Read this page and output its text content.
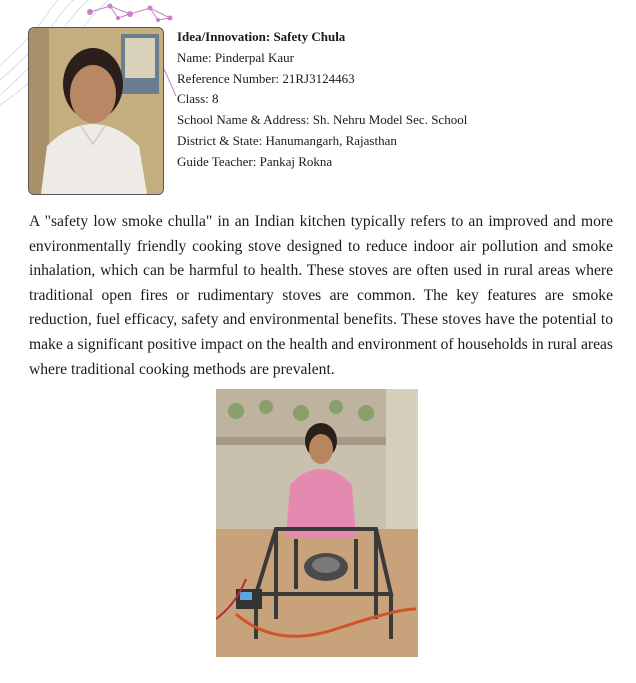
Idea/Innovation: Safety Chula
Name: Pinderpal Kaur
Reference Number: 21RJ3124463
Class: 8
School Name & Address: Sh. Nehru Model Sec. School
District & State: Hanumangarh, Rajasthan
Guide Teacher: Pankaj Rokna

A "safety low smoke chulla" in an Indian kitchen typically refers to an improved and more environmentally friendly cooking stove designed to reduce indoor air pollution and smoke inhalation, which can be harmful to health. These stoves are often used in rural areas where traditional open fires or rudimentary stoves are common. The key features are smoke reduction, fuel efficacy, safety and environmental benefits. These stoves have the potential to make a significant positive impact on the health and environment of households in rural areas where traditional cooking methods are prevalent.
